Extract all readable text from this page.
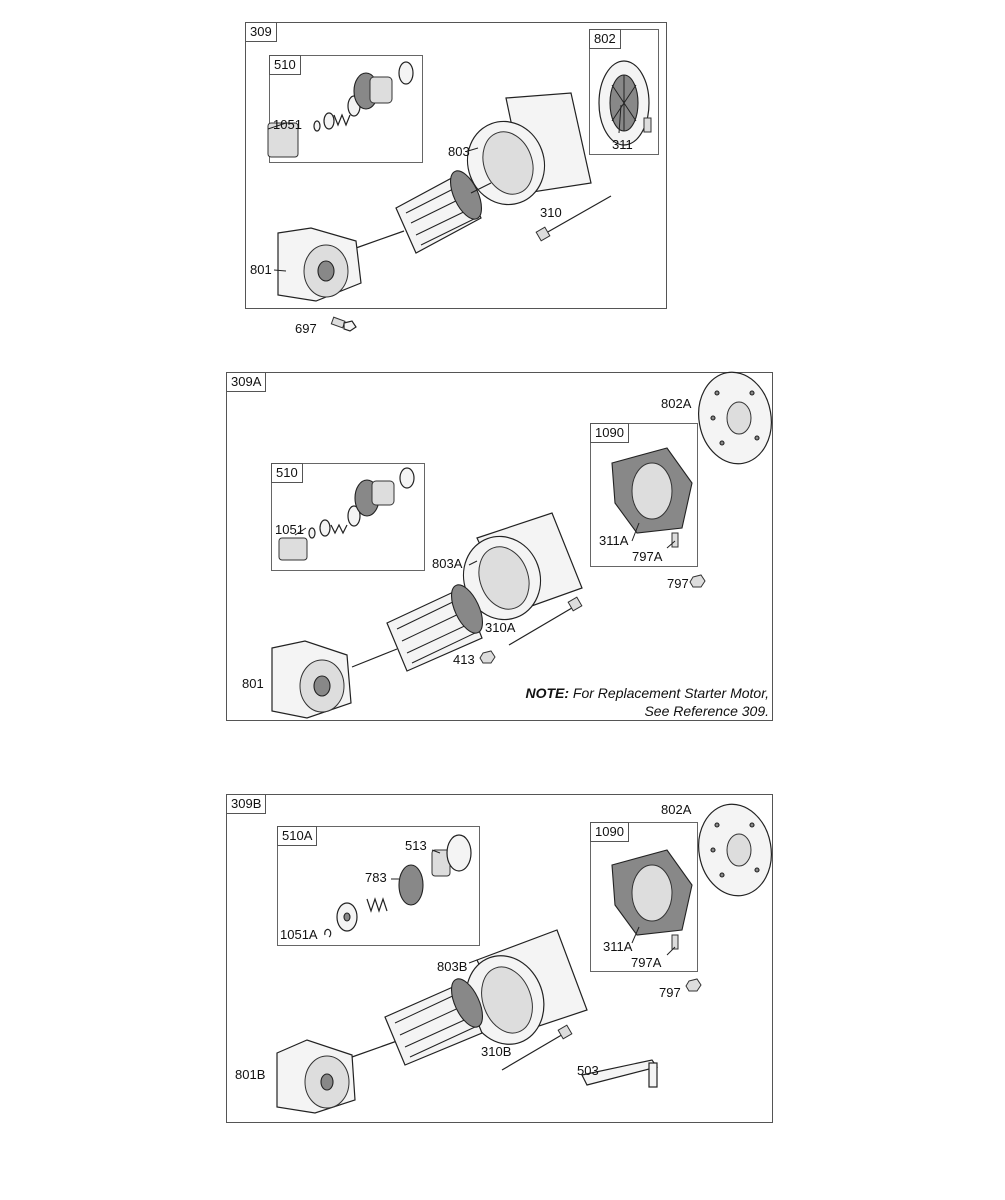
309
510
802
1051
311
803
310
801
697
309A
510
1090
802A
1051
311A
797A
803A
797
310A
413
801
NOTE: For Replacement Starter Motor,
See Reference 309.
309B
510A	1090
802A
513
783
1051A
311A
797A
803B
797
310B
503
801B
